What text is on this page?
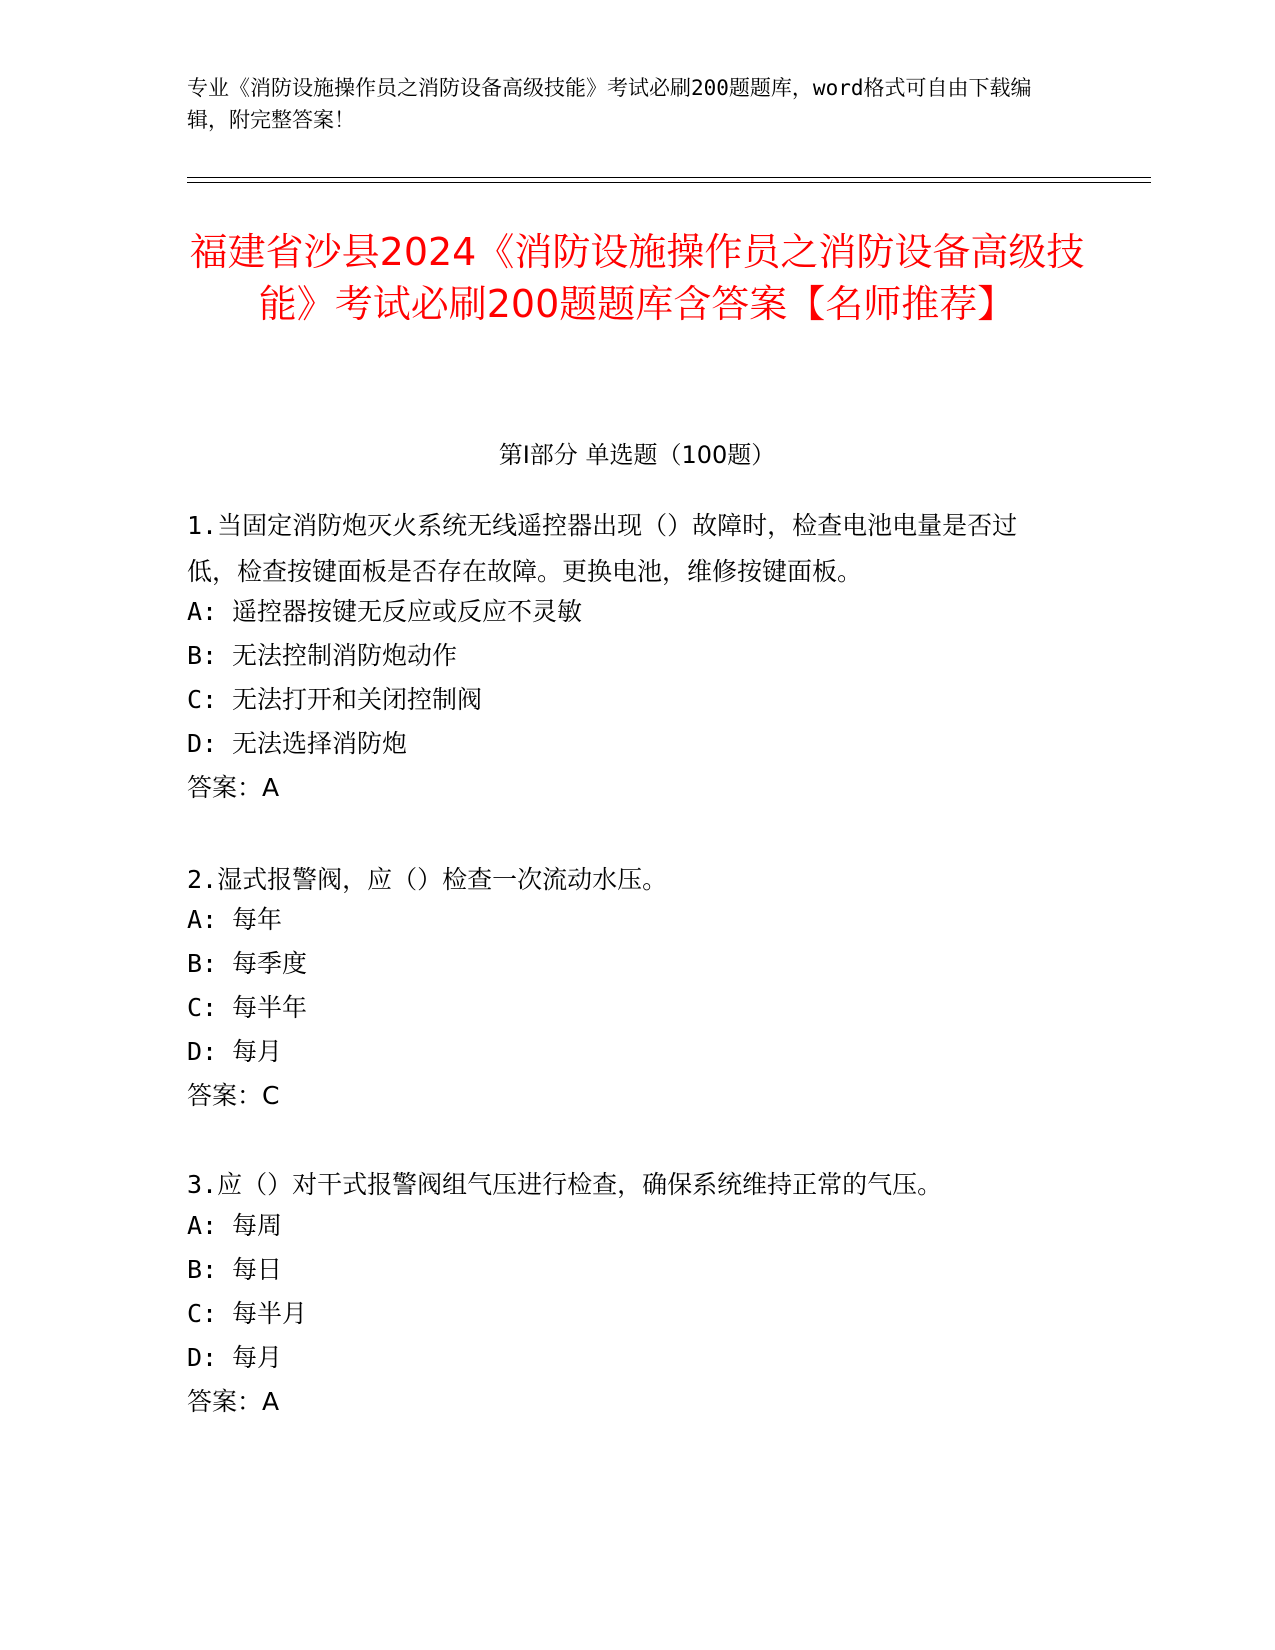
专业《消防设施操作员之消防设备高级技能》考试必刷200题题库，word格式可自由下载编辑，附完整答案！
福建省沙县2024《消防设施操作员之消防设备高级技能》考试必刷200题题库含答案【名师推荐】
第I部分 单选题（100题）
1.当固定消防炮灭火系统无线遥控器出现（）故障时，检查电池电量是否过低，检查按键面板是否存在故障。更换电池，维修按键面板。
A: 遥控器按键无反应或反应不灵敏
B: 无法控制消防炮动作
C: 无法打开和关闭控制阀
D: 无法选择消防炮
答案：A
2.湿式报警阀，应（）检查一次流动水压。
A: 每年
B: 每季度
C: 每半年
D: 每月
答案：C
3.应（）对干式报警阀组气压进行检查，确保系统维持正常的气压。
A: 每周
B: 每日
C: 每半月
D: 每月
答案：A
